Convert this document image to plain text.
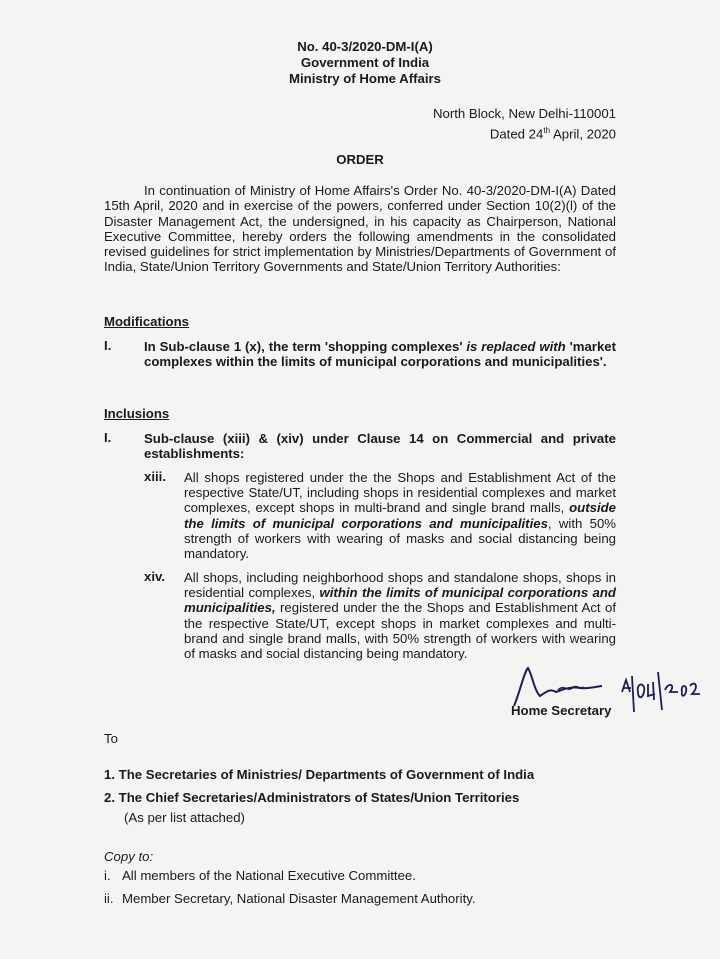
No. 40-3/2020-DM-I(A)
Government of India
Ministry of Home Affairs
North Block, New Delhi-110001
Dated 24th April, 2020
ORDER
In continuation of Ministry of Home Affairs's Order No. 40-3/2020-DM-I(A) Dated 15th April, 2020 and in exercise of the powers, conferred under Section 10(2)(l) of the Disaster Management Act, the undersigned, in his capacity as Chairperson, National Executive Committee, hereby orders the following amendments in the consolidated revised guidelines for strict implementation by Ministries/Departments of Government of India, State/Union Territory Governments and State/Union Territory Authorities:
Modifications
I. In Sub-clause 1 (x), the term 'shopping complexes' is replaced with 'market complexes within the limits of municipal corporations and municipalities'.
Inclusions
I. Sub-clause (xiii) & (xiv) under Clause 14 on Commercial and private establishments:
xiii. All shops registered under the the Shops and Establishment Act of the respective State/UT, including shops in residential complexes and market complexes, except shops in multi-brand and single brand malls, outside the limits of municipal corporations and municipalities, with 50% strength of workers with wearing of masks and social distancing being mandatory.
xiv. All shops, including neighborhood shops and standalone shops, shops in residential complexes, within the limits of municipal corporations and municipalities, registered under the the Shops and Establishment Act of the respective State/UT, except shops in market complexes and multi-brand and single brand malls, with 50% strength of workers with wearing of masks and social distancing being mandatory.
Home Secretary
To
1. The Secretaries of Ministries/ Departments of Government of India
2. The Chief Secretaries/Administrators of States/Union Territories
(As per list attached)
Copy to:
i. All members of the National Executive Committee.
ii. Member Secretary, National Disaster Management Authority.
